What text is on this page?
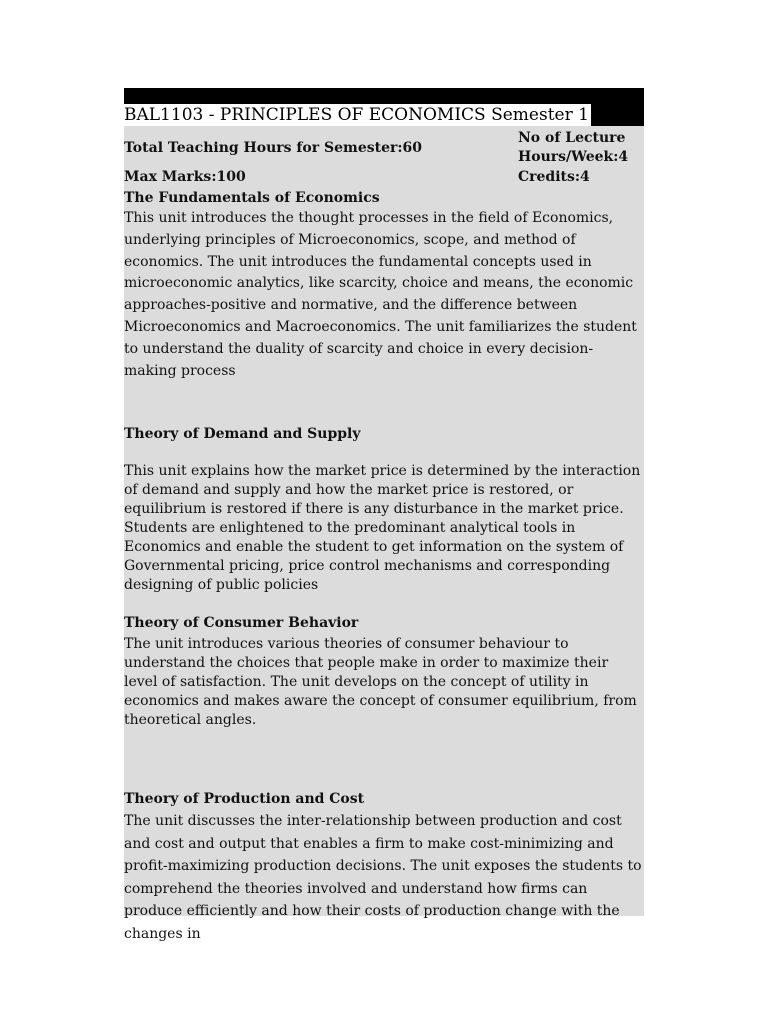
BAL1103 - PRINCIPLES OF ECONOMICS Semester 1
Total Teaching Hours for Semester:60
No of Lecture
Hours/Week:4
Max Marks:100	Credits:4
The Fundamentals of Economics

This unit introduces the thought processes in the field of Economics, underlying principles of Microeconomics, scope, and method of economics. The unit introduces the fundamental concepts used in microeconomic analytics, like scarcity, choice and means, the economic approaches-positive and normative, and the difference between Microeconomics and Macroeconomics. The unit familiarizes the student to understand the duality of scarcity and choice in every decision-making process

Theory of Demand and Supply

This unit explains how the market price is determined by the interaction of demand and supply and how the market price is restored, or equilibrium is restored if there is any disturbance in the market price. Students are enlightened to the predominant analytical tools in Economics and enable the student to get information on the system of Governmental pricing, price control mechanisms and corresponding designing of public policies

Theory of Consumer Behavior

The unit introduces various theories of consumer behaviour to understand the choices that people make in order to maximize their level of satisfaction. The unit develops on the concept of utility in economics and makes aware the concept of consumer equilibrium, from theoretical angles.

Theory of Production and Cost

The unit discusses the inter-relationship between production and cost and cost and output that enables a firm to make cost-minimizing and profit-maximizing production decisions. The unit exposes the students to comprehend the theories involved and understand how firms can produce efficiently and how their costs of production change with the changes in
